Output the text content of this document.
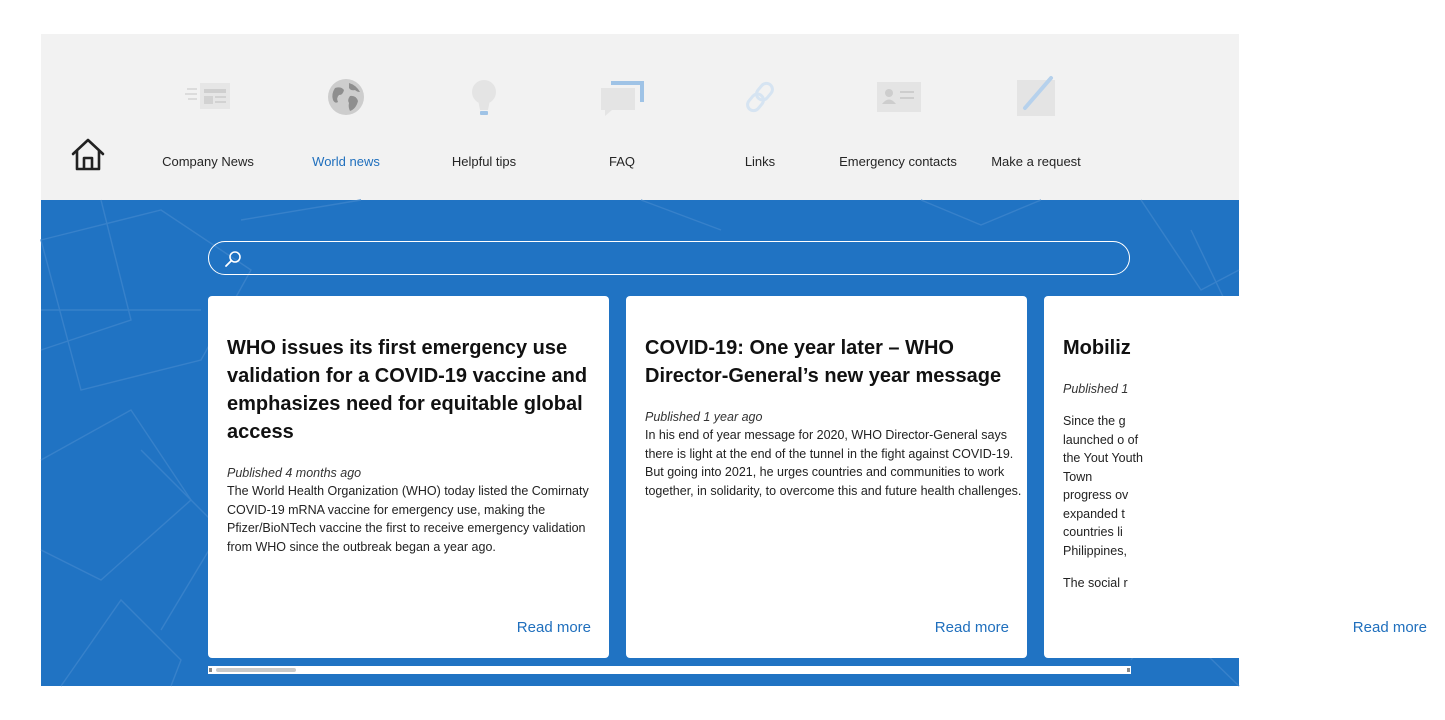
Company News	World news	Helpful tips	FAQ	Links	Emergency contacts	Make a request
WHO issues its first emergency use validation for a COVID-19 vaccine and emphasizes need for equitable global access
Published 4 months ago
The World Health Organization (WHO) today listed the Comirnaty COVID-19 mRNA vaccine for emergency use, making the Pfizer/BioNTech vaccine the first to receive emergency validation from WHO since the outbreak began a year ago.
Read more
COVID-19: One year later – WHO Director-General’s new year message
Published 1 year ago
In his end of year message for 2020, WHO Director-General says there is light at the end of the tunnel in the fight against COVID-19. But going into 2021, he urges countries and communities to work together, in solidarity, to overcome this and future health challenges.
Read more
Mobiliz
Published 1
Since the g launched o of the Yout Youth Town progress ov expanded t countries li Philippines,
The social r
Read more
